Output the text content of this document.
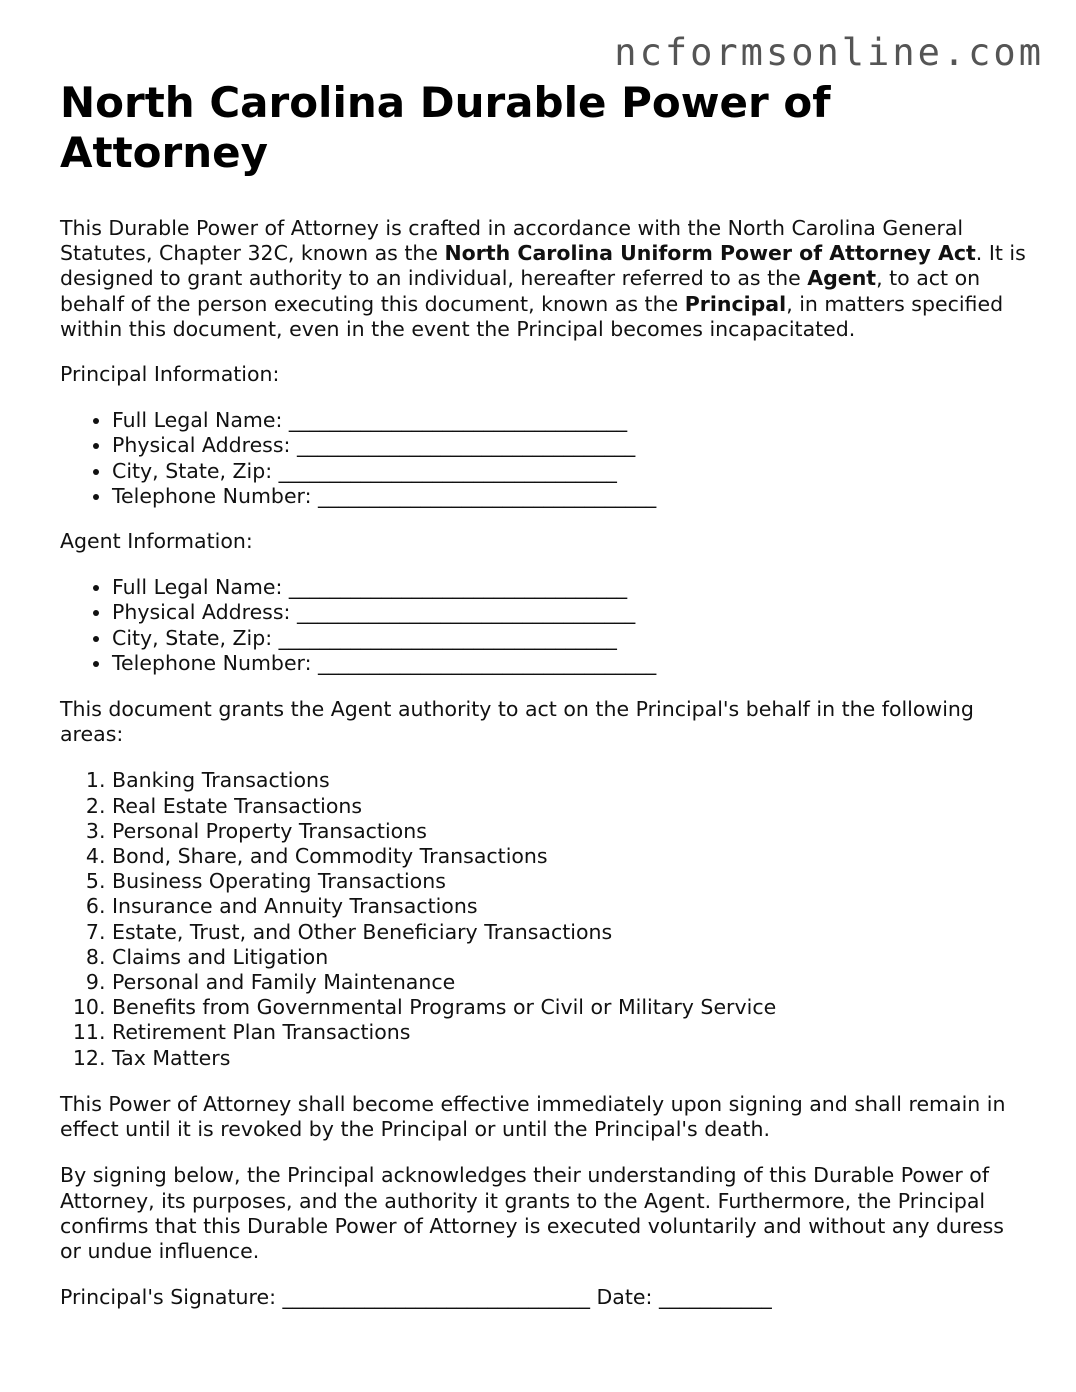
ncformsonline.com
North Carolina Durable Power of Attorney

This Durable Power of Attorney is crafted in accordance with the North Carolina General Statutes, Chapter 32C, known as the North Carolina Uniform Power of Attorney Act. It is designed to grant authority to an individual, hereafter referred to as the Agent, to act on behalf of the person executing this document, known as the Principal, in matters specified within this document, even in the event the Principal becomes incapacitated.

Principal Information:

• Full Legal Name: _________________________________
• Physical Address: _________________________________
• City, State, Zip: _________________________________
• Telephone Number: _________________________________

Agent Information:

• Full Legal Name: _________________________________
• Physical Address: _________________________________
• City, State, Zip: _________________________________
• Telephone Number: _________________________________

This document grants the Agent authority to act on the Principal's behalf in the following areas:

1. Banking Transactions
2. Real Estate Transactions
3. Personal Property Transactions
4. Bond, Share, and Commodity Transactions
5. Business Operating Transactions
6. Insurance and Annuity Transactions
7. Estate, Trust, and Other Beneficiary Transactions
8. Claims and Litigation
9. Personal and Family Maintenance
10. Benefits from Governmental Programs or Civil or Military Service
11. Retirement Plan Transactions
12. Tax Matters

This Power of Attorney shall become effective immediately upon signing and shall remain in effect until it is revoked by the Principal or until the Principal's death.

By signing below, the Principal acknowledges their understanding of this Durable Power of Attorney, its purposes, and the authority it grants to the Agent. Furthermore, the Principal confirms that this Durable Power of Attorney is executed voluntarily and without any duress or undue influence.

Principal's Signature: ______________________________ Date: ___________
